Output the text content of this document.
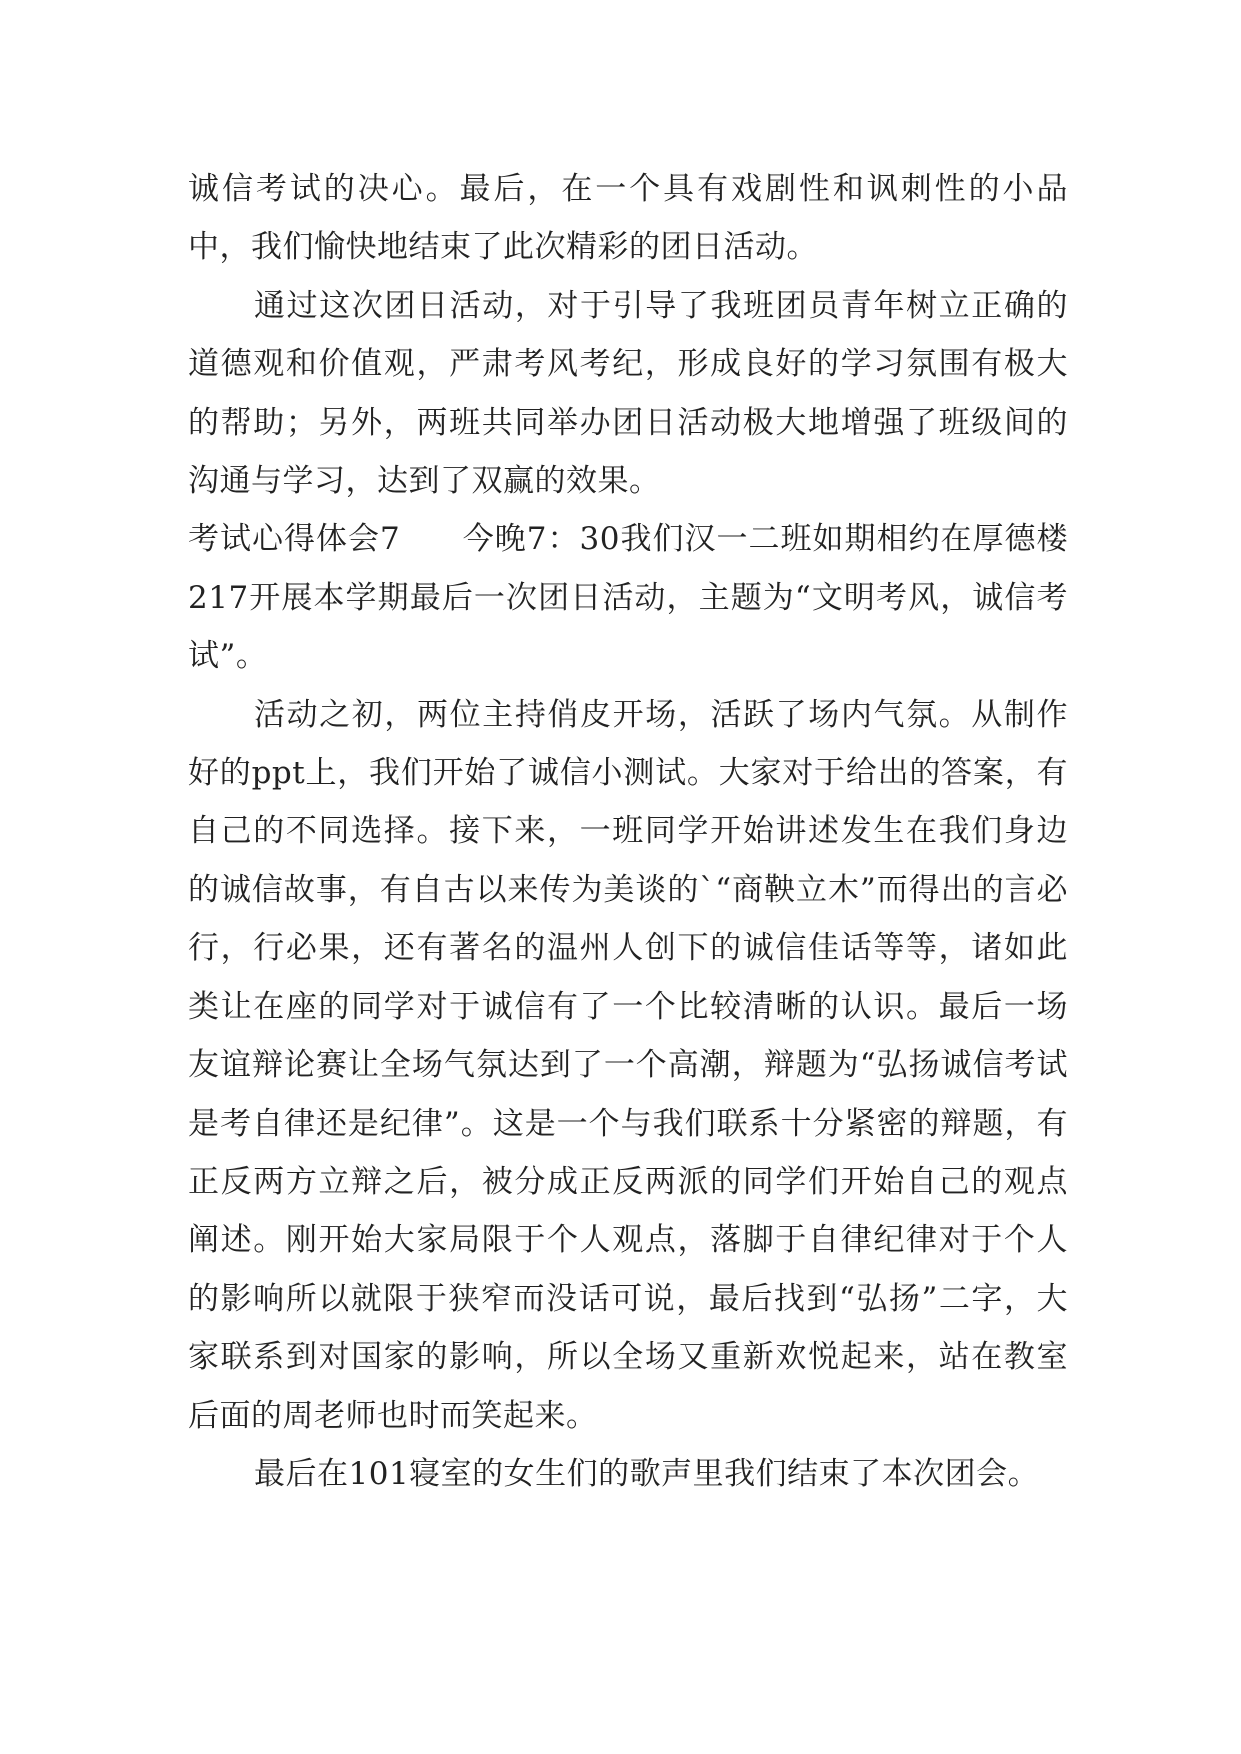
诚信考试的决心。最后，在一个具有戏剧性和讽刺性的小品中，我们愉快地结束了此次精彩的团日活动。

通过这次团日活动，对于引导了我班团员青年树立正确的道德观和价值观，严肃考风考纪，形成良好的学习氛围有极大的帮助；另外，两班共同举办团日活动极大地增强了班级间的沟通与学习，达到了双赢的效果。

考试心得体会7 今晚7：30我们汉一二班如期相约在厚德楼217开展本学期最后一次团日活动，主题为“文明考风，诚信考试”。

活动之初，两位主持俏皮开场，活跃了场内气氛。从制作好的ppt上，我们开始了诚信小测试。大家对于给出的答案，有自己的不同选择。接下来，一班同学开始讲述发生在我们身边的诚信故事，有自古以来传为美谈的`“商鞅立木”而得出的言必行，行必果，还有著名的温州人创下的诚信佳话等等，诸如此类让在座的同学对于诚信有了一个比较清晰的认识。最后一场友谊辩论赛让全场气氛达到了一个高潮，辩题为“弘扬诚信考试是考自律还是纪律”。这是一个与我们联系十分紧密的辩题，有正反两方立辩之后，被分成正反两派的同学们开始自己的观点阐述。刚开始大家局限于个人观点，落脚于自律纪律对于个人的影响所以就限于狭窄而没话可说，最后找到“弘扬”二字，大家联系到对国家的影响，所以全场又重新欢悦起来，站在教室后面的周老师也时而笑起来。

最后在101寝室的女生们的歌声里我们结束了本次团会。
